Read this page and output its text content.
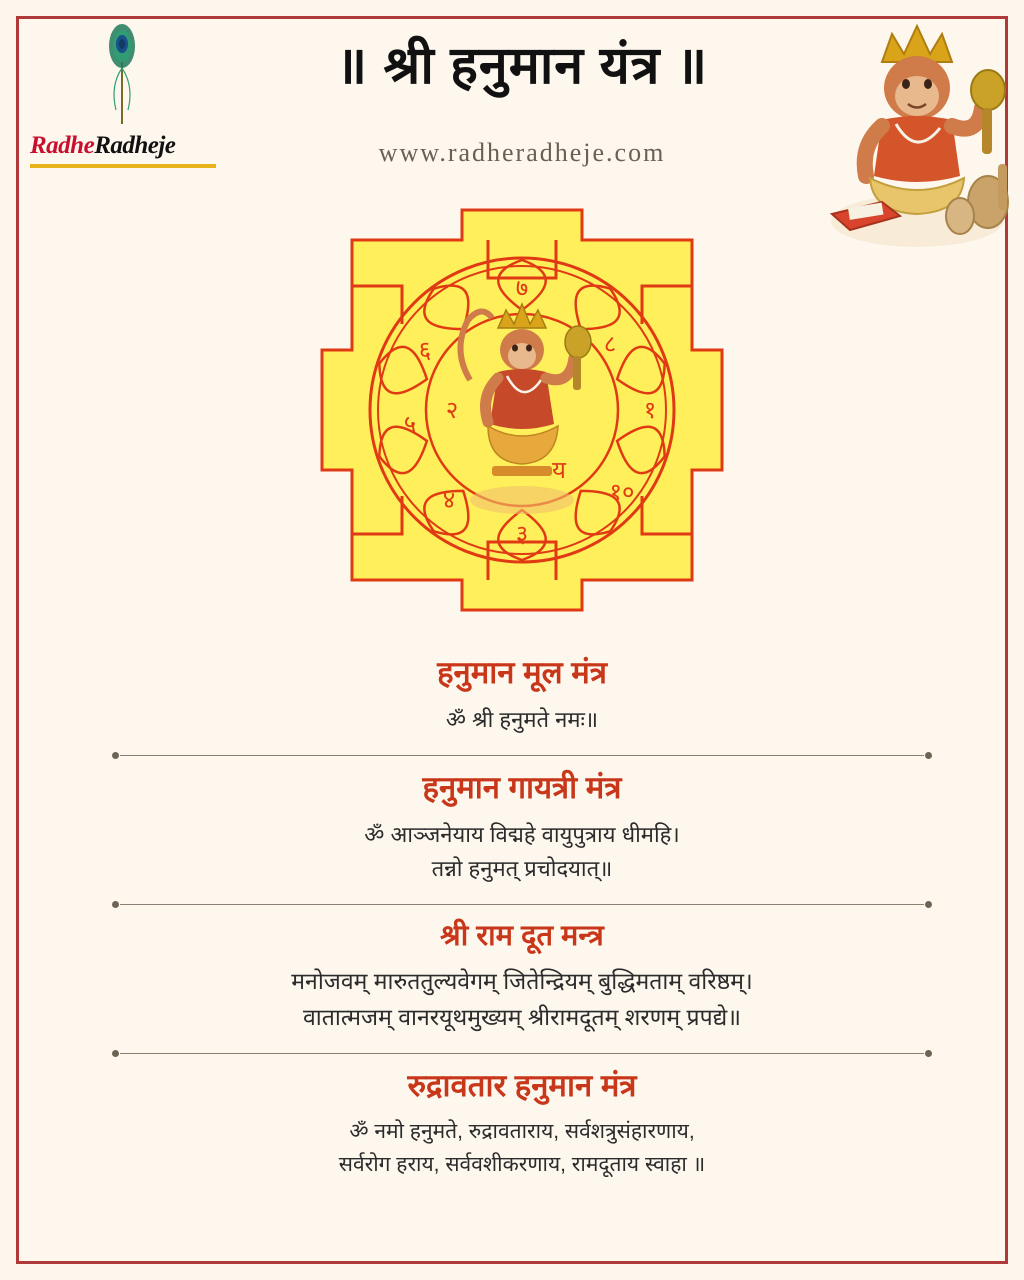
RadheRadheje
॥ श्री हनुमान यंत्र ॥
www.radheradheje.com
१
२
३
४
५
६
७
८
य
१०
हनुमान मूल मंत्र
ॐ श्री हनुमते नमः॥
हनुमान गायत्री मंत्र
ॐ आञ्जनेयाय विद्महे वायुपुत्राय धीमहि।
तन्नो हनुमत् प्रचोदयात्॥
श्री राम दूत मन्त्र
मनोजवम् मारुततुल्यवेगम् जितेन्द्रियम् बुद्धिमताम् वरिष्ठम्।
वातात्मजम् वानरयूथमुख्यम् श्रीरामदूतम् शरणम् प्रपद्ये॥
रुद्रावतार हनुमान मंत्र
ॐ नमो हनुमते, रुद्रावताराय, सर्वशत्रुसंहारणाय,
सर्वरोग हराय, सर्ववशीकरणाय, रामदूताय स्वाहा ॥
